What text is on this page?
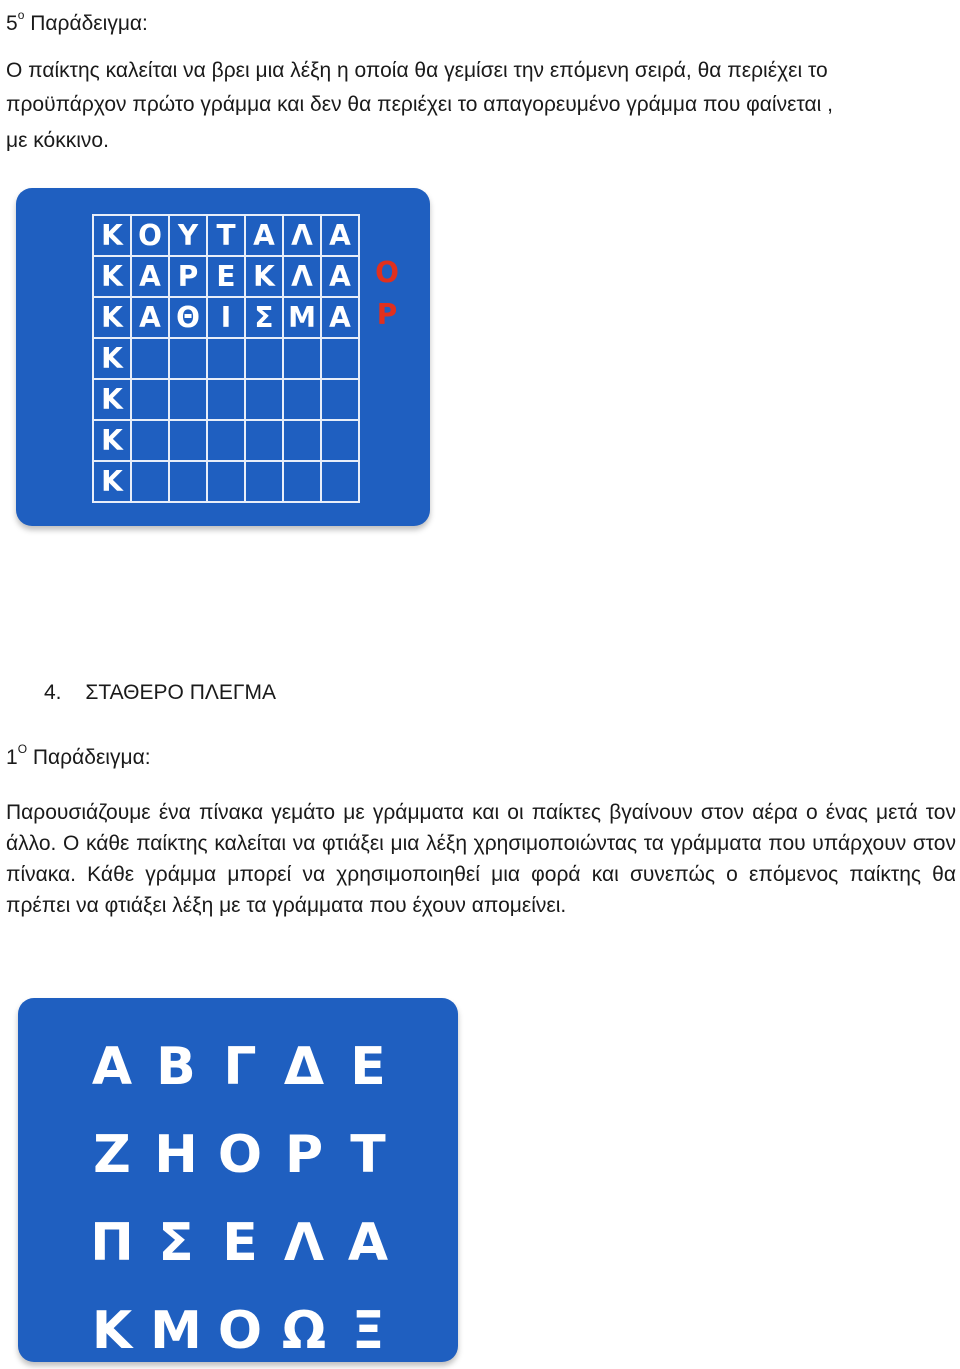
$5^o$ Παράδειγμα:
Ο παίκτης καλείται να βρει μια λέξη η οποία θα γεμίσει την επόμενη σειρά, θα περιέχει το
προϋπάρχον πρώτο γράμμα και δεν θα περιέχει το απαγορευμένο γράμμα που φαίνεται ,
με κόκκινο.
Κ Ο Υ Τ Α Λ Α
Κ Α Ρ Ε Κ Λ Α
Κ Α Θ Ι Σ Μ Α
Κ
Κ
Κ
Κ
Ο
Ρ
4. ΣΤΑΘΕΡΟ ΠΛΕΓΜΑ
$1^O$ Παράδειγμα:
Παρουσιάζουμε ένα πίνακα γεμάτο με γράμματα και οι παίκτες βγαίνουν στον αέρα ο ένας μετά τον άλλο. Ο κάθε παίκτης καλείται να φτιάξει μια λέξη χρησιμοποιώντας τα γράμματα που υπάρχουν στον πίνακα. Κάθε γράμμα μπορεί να χρησιμοποιηθεί μια φορά και συνεπώς ο επόμενος παίκτης θα πρέπει να φτιάξει λέξη με τα γράμματα που έχουν απομείνει.
Α Β Γ Δ Ε
Ζ Η Ο Ρ Τ
Π Σ Ε Λ Α
Κ Μ Ο Ω Ξ
